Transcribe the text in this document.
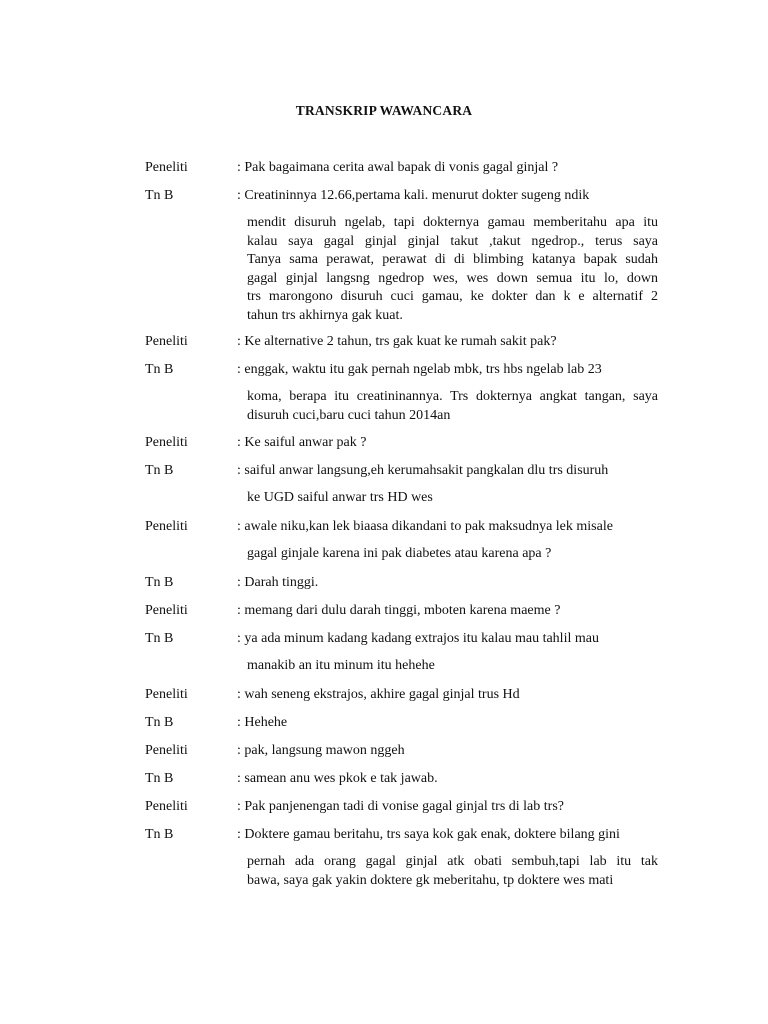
TRANSKRIP WAWANCARA
Peneliti	: Pak bagaimana cerita awal bapak di vonis gagal ginjal ?
Tn B	: Creatininnya 12.66,pertama kali. menurut dokter sugeng ndik
mendit disuruh ngelab, tapi dokternya gamau memberitahu apa itu
kalau saya gagal ginjal ginjal takut ,takut ngedrop., terus saya
Tanya sama perawat, perawat di di blimbing katanya bapak sudah
gagal ginjal langsng ngedrop wes, wes down semua itu lo, down
trs marongono disuruh cuci gamau, ke dokter dan k e alternatif 2
tahun trs akhirnya gak kuat.
Peneliti	: Ke alternative 2 tahun, trs gak kuat ke rumah sakit pak?
Tn B	: enggak, waktu itu gak pernah ngelab mbk, trs hbs ngelab lab 23
koma, berapa itu creatininannya. Trs dokternya angkat tangan, saya
disuruh cuci,baru cuci tahun 2014an
Peneliti	: Ke saiful anwar pak ?
Tn B	: saiful anwar langsung,eh kerumahsakit pangkalan dlu trs disuruh
ke UGD saiful anwar trs HD wes
Peneliti	: awale niku,kan lek biaasa dikandani to pak maksudnya lek misale
gagal ginjale karena ini pak diabetes atau karena apa ?
Tn B	: Darah tinggi.
Peneliti	: memang dari dulu darah tinggi, mboten karena maeme ?
Tn B	: ya ada minum kadang kadang extrajos itu kalau mau tahlil mau
manakib an itu minum itu hehehe
Peneliti	: wah seneng ekstrajos, akhire gagal ginjal trus Hd
Tn B	: Hehehe
Peneliti	: pak, langsung mawon nggeh
Tn B	: samean anu wes pkok e tak jawab.
Peneliti	: Pak panjenengan tadi di vonise gagal ginjal trs di lab trs?
Tn B	: Doktere gamau beritahu, trs saya kok gak enak, doktere bilang gini
pernah ada orang gagal ginjal atk obati sembuh,tapi lab itu tak
bawa, saya gak yakin doktere gk meberitahu, tp doktere wes mati
